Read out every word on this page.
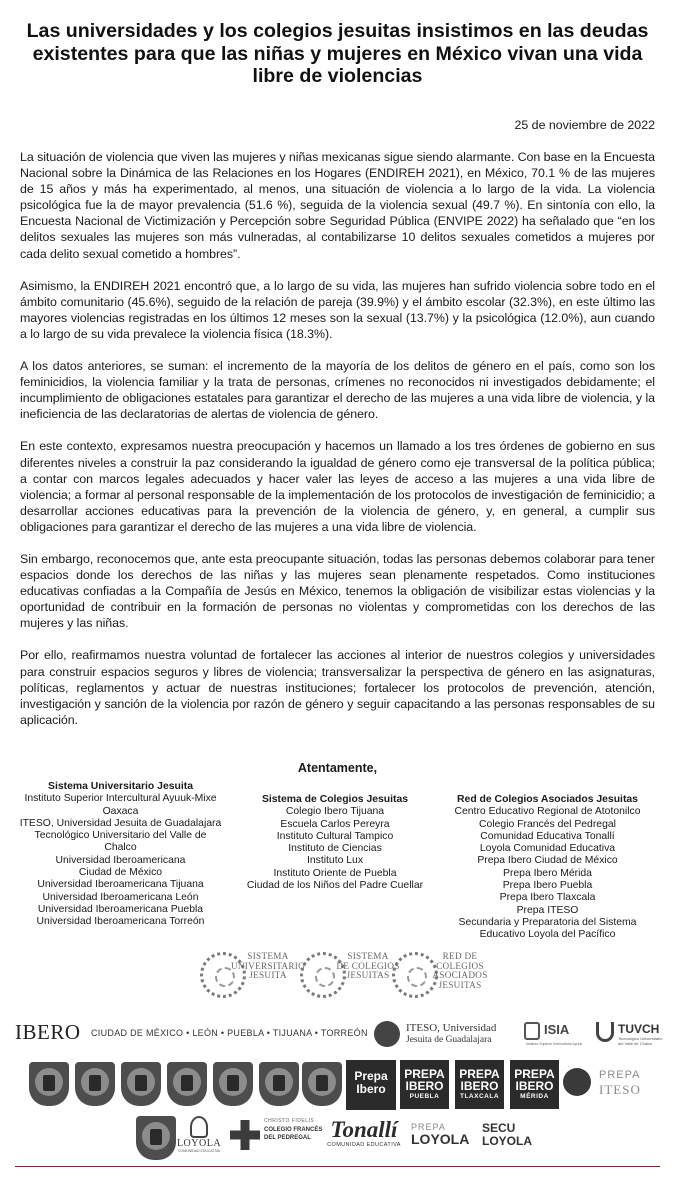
Las universidades y los colegios jesuitas insistimos en las deudas existentes para que las niñas y mujeres en México vivan una vida libre de violencias

25 de noviembre de 2022

La situación de violencia que viven las mujeres y niñas mexicanas sigue siendo alarmante. Con base en la Encuesta Nacional sobre la Dinámica de las Relaciones en los Hogares (ENDIREH 2021), en México, 70.1 % de las mujeres de 15 años y más ha experimentado, al menos, una situación de violencia a lo largo de la vida. La violencia psicológica fue la de mayor prevalencia (51.6 %), seguida de la violencia sexual (49.7 %). En sintonía con ello, la Encuesta Nacional de Victimización y Percepción sobre Seguridad Pública (ENVIPE 2022) ha señalado que “en los delitos sexuales las mujeres son más vulneradas, al contabilizarse 10 delitos sexuales cometidos a mujeres por cada delito sexual cometido a hombres”.

Asimismo, la ENDIREH 2021 encontró que, a lo largo de su vida, las mujeres han sufrido violencia sobre todo en el ámbito comunitario (45.6%), seguido de la relación de pareja (39.9%) y el ámbito escolar (32.3%), en este último las mayores violencias registradas en los últimos 12 meses son la sexual (13.7%) y la psicológica (12.0%), aun cuando a lo largo de su vida prevalece la violencia física (18.3%).

A los datos anteriores, se suman: el incremento de la mayoría de los delitos de género en el país, como son los feminicidios, la violencia familiar y la trata de personas, crímenes no reconocidos ni investigados debidamente; el incumplimiento de obligaciones estatales para garantizar el derecho de las mujeres a una vida libre de violencia, y la ineficiencia de las declaratorias de alertas de violencia de género.

En este contexto, expresamos nuestra preocupación y hacemos un llamado a los tres órdenes de gobierno en sus diferentes niveles a construir la paz considerando la igualdad de género como eje transversal de la política pública; a contar con marcos legales adecuados y hacer valer las leyes de acceso a las mujeres a una vida libre de violencia; a formar al personal responsable de la implementación de los protocolos de investigación de feminicidio; a desarrollar acciones educativas para la prevención de la violencia de género, y, en general, a cumplir sus obligaciones para garantizar el derecho de las mujeres a una vida libre de violencia.

Sin embargo, reconocemos que, ante esta preocupante situación, todas las personas debemos colaborar para tener espacios donde los derechos de las niñas y las mujeres sean plenamente respetados. Como instituciones educativas confiadas a la Compañía de Jesús en México, tenemos la obligación de visibilizar estas violencias y la oportunidad de contribuir en la formación de personas no violentas y comprometidas con los derechos de las mujeres y las niñas.

Por ello, reafirmamos nuestra voluntad de fortalecer las acciones al interior de nuestros colegios y universidades para construir espacios seguros y libres de violencia; transversalizar la perspectiva de género en las asignaturas, políticas, reglamentos y actuar de nuestras instituciones; fortalecer los protocolos de prevención, atención, investigación y sanción de la violencia por razón de género y seguir capacitando a las personas responsables de su aplicación.

Atentamente,

Sistema Universitario Jesuita
Instituto Superior Intercultural Ayuuk-Mixe
Oaxaca
ITESO, Universidad Jesuita de Guadalajara
Tecnológico Universitario del Valle de Chalco
Universidad Iberoamericana
Ciudad de México
Universidad Iberoamericana Tijuana
Universidad Iberoamericana León
Universidad Iberoamericana Puebla
Universidad Iberoamericana Torreón
Sistema de Colegios Jesuitas
Colegio Ibero Tijuana
Escuela Carlos Pereyra
Instituto Cultural Tampico
Instituto de Ciencias
Instituto Lux
Instituto Oriente de Puebla
Ciudad de los Niños del Padre Cuellar
Red de Colegios Asociados Jesuitas
Centro Educativo Regional de Atotonilco
Colegio Francés del Pedregal
Comunidad Educativa Tonallí
Loyola Comunidad Educativa
Prepa Ibero Ciudad de México
Prepa Ibero Mérida
Prepa Ibero Puebla
Prepa Ibero Tlaxcala
Prepa ITESO
Secundaria y Preparatoria del Sistema
Educativo Loyola del Pacífico
SISTEMA
UNIVERSITARIO
JESUITA
SISTEMA
DE COLEGIOS
JESUITAS
RED DE COLEGIOS
ASOCIADOS
JESUITAS
IBERO CIUDAD DE MÉXICO • LEÓN • PUEBLA • TIJUANA • TORREÓN	ITESO, Universidad
Jesuita de Guadalajara
ISIA
Instituto Superior Intercultural Ayuuk
TUVCH
Tecnológico Universitario del Valle de Chalco
Prepa
Ibero
PREPA
IBERO
PUEBLA
PREPA
IBERO
TLAXCALA
PREPA
IBERO
MÉRIDA
PREPA
ITESO
LOYOLA
COMUNIDAD EDUCATIVA
CHRISTO FIDELIS
COLEGIO FRANCÉS
DEL PEDREGAL Tonallí
COMUNIDAD EDUCATIVA
PREPA
LOYOLA
SECU
LOYOLA
